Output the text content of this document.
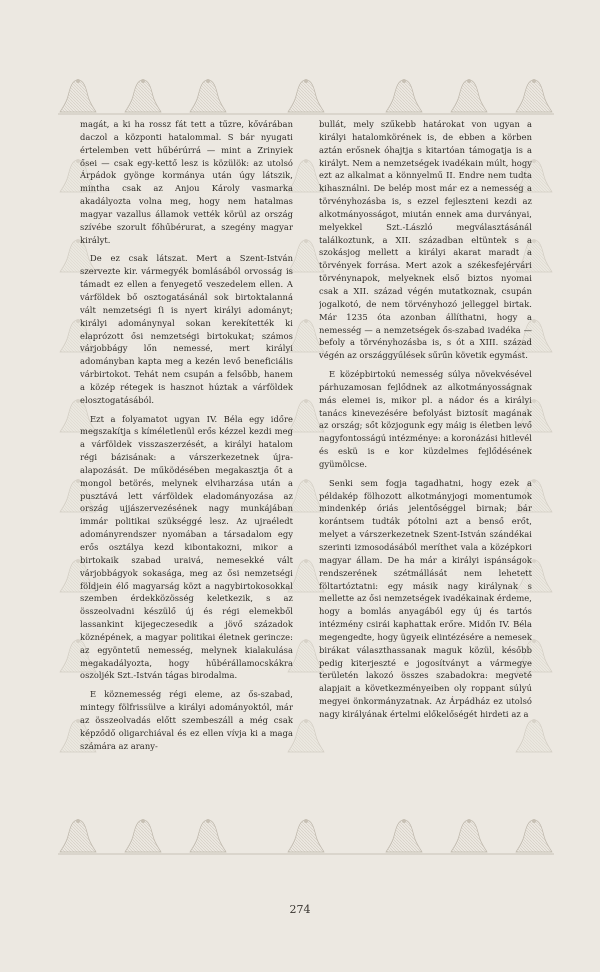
magát, a ki ha rossz fát tett a tűzre, kővárában daczol a központi hatalommal. S bár nyugati értelemben vett hűbérúrrá — mint a Zrinyiek ősei — csak egy-kettő lesz is közülök: az utolsó Árpádok gyönge kormánya után úgy látszik, mintha csak az Anjou Károly vasmarka akadályozta volna meg, hogy nem hatalmas magyar vazallus államok vették körül az ország szívébe szorult főhűbérurat, a szegény magyar királyt.

De ez csak látszat. Mert a Szent-István szervezte kir. vármegyék bomlásából orvosság is támadt ez ellen a fenyegető veszedelem ellen. A várföldek bő osztogatásánál sok birtoktalanná vált nemzetségi ſi is nyert királyi adományt; királyi adománynyal sokan kerekítették ki elaprózott ősi nemzetségi birtokukat; számos várjobbágy lőn nemessé, mert királyi adományban kapta meg a kezén levő beneficiális várbirtokot. Tehát nem csupán a felsőbb, hanem a közép rétegek is hasznot húztak a várföldek elosztogatásából.

Ezt a folyamatot ugyan IV. Béla egy időre megszakítja s kíméletlenül erős kézzel kezdi meg a várföldek visszaszerzését, a királyi hatalom régi bázisának: a várszerkezetnek újra-alapozását. De működésében megakasztja őt a mongol betörés, melynek elviharzása után a pusztává lett várföldek eladományozása az ország ujjászervezésének nagy munkájában immár politikai szükséggé lesz. Az ujraéledt adományrendszer nyomában a társadalom egy erős osztálya kezd kibontakozni, mikor a birtokaik szabad uraivá, nemesekké vált várjobbágyok sokasága, meg az ősi nemzetségi földjein élő magyarság közt a nagybirtokosokkal szemben érdekközösség keletkezik, s az összeolvadni készülő új és régi elemekből lassankint kijegeczesedik a jövő századok köznépének, a magyar politikai életnek gerincze: az egyöntetű nemesség, melynek kialakulása megakadályozta, hogy hűbérállamocskákra oszoljék Szt.-István tágas birodalma.

E köznemesség régi eleme, az ős-szabad, mintegy fölfrissülve a királyi adományoktól, már az összeolvadás előtt szembeszáll a még csak képződő oligarchiával és ez ellen vívja ki a maga számára az arany-

bullát, mely szűkebb határokat von ugyan a királyi hatalomkörének is, de ebben a körben aztán erősnek óhajtja s kitartóan támogatja is a királyt. Nem a nemzetségek ivadékain múlt, hogy ezt az alkalmat a könnyelmű II. Endre nem tudta kihasználni. De belép most már ez a nemesség a törvényhozásba is, s ezzel fejleszteni kezdi az alkotmányosságot, miután ennek ama durványai, melyekkel Szt.-László megválasztásánál találkoztunk, a XII. században eltüntek s a szokásjog mellett a királyi akarat maradt a törvények forrása. Mert azok a székesfejérvári törvénynapok, melyeknek első biztos nyomai csak a XII. század végén mutatkoznak, csupán jogalkotó, de nem törvényhozó jelleggel birtak. Már 1235 óta azonban állíthatni, hogy a nemesség — a nemzetségek ős-szabad ivadéka — befoly a törvényhozásba is, s ót a XIII. század végén az országgyűlések sűrűn követik egymást.

E középbirtokú nemesség súlya növekvésével párhuzamosan fejlődnek az alkotmányosságnak más elemei is, mikor pl. a nádor és a királyi tanács kinevezésére befolyást biztosít magának az ország; sőt közjogunk egy máig is életben levő nagyfontosságú intézménye: a koronázási hitlevél és eskü is e kor küzdelmes fejlődésének gyümölcse.

Senki sem fogja tagadhatni, hogy ezek a példakép fölhozott alkotmányjogi momentumok mindenkép óriás jelentőséggel birnak; bár korántsem tudták pótolni azt a benső erőt, melyet a várszerkezetnek Szent-István szándékai szerinti izmosodásából meríthet vala a középkori magyar állam. De ha már a királyi ispánságok rendszerének szétmállását nem lehetett föltartóztatni: egy másik nagy királynak s mellette az ősi nemzetségek ivadékainak érdeme, hogy a bomlás anyagából egy új és tartós intézmény csirái kaphattak erőre. Midőn IV. Béla megengedte, hogy ügyeik elintézésére a nemesek birákat választhassanak maguk közül, később pedig kiterjeszté e jogosítványt a vármegye területén lakozó összes szabadokra: megveté alapjait a következményeiben oly roppant súlyú megyei önkormányzatnak. Az Árpádház ez utolsó nagy királyának értelmi előkelőségét hirdeti az a

274
